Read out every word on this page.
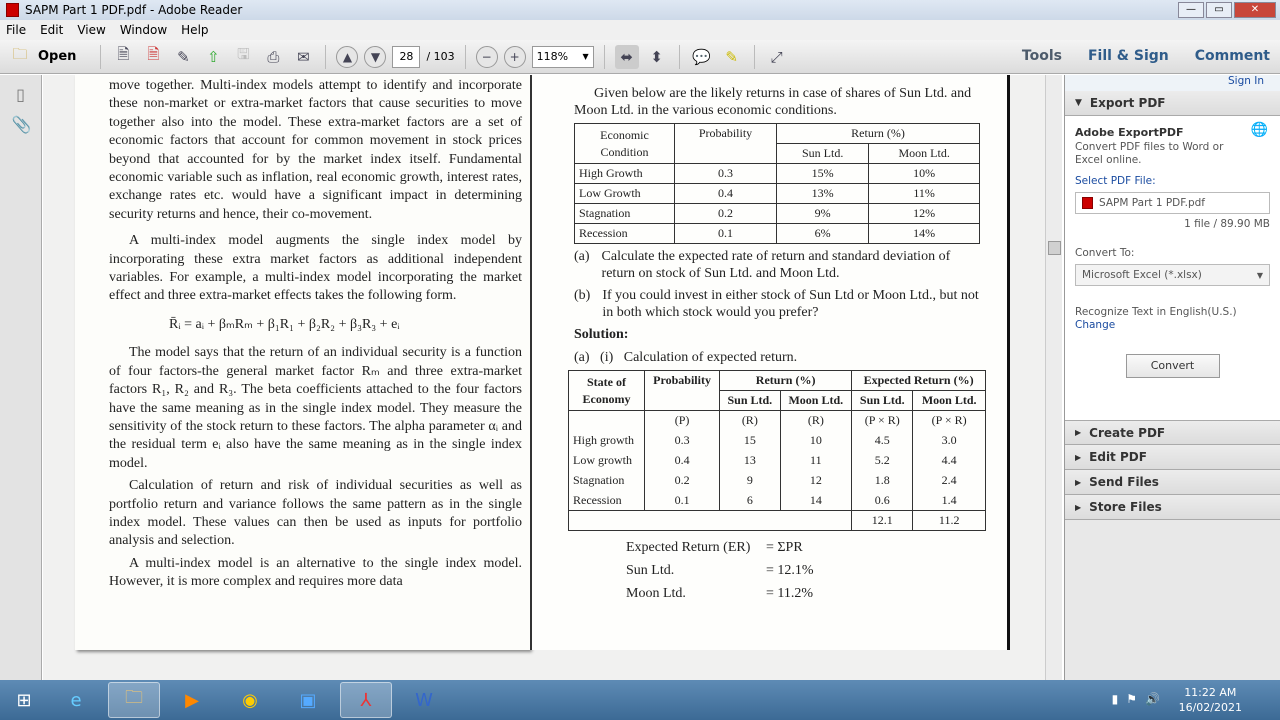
SAPM Part 1 PDF.pdf - Adobe Reader	—	▭	✕
File Edit View Window Help
🗀 Open	🗎	🗎	✎	⇧	🖫	⎙	✉	▲	▼	28	/ 103	−	+	118% ▼	⬌	⬍	💬 ✎	⤢	Tools Fill & Sign Comment
▯
📎

move together. Multi-index models attempt to identify and incorporate these non-market or extra-market factors that cause securities to move together also into the model. These extra-market factors are a set of economic factors that account for common movement in stock prices beyond that accounted for by the market index itself. Fundamental economic variable such as inflation, real economic growth, interest rates, exchange rates etc. would have a significant impact in determining security returns and hence, their co-movement.

A multi-index model augments the single index model by incorporating these extra market factors as additional independent variables. For example, a multi-index model incorporating the market effect and three extra-market effects takes the following form.

R̄ᵢ = aᵢ + βₘRₘ + β₁R₁ + β₂R₂ + β₃R₃ + eᵢ

The model says that the return of an individual security is a function of four factors-the general market factor Rₘ and three extra-market factors R₁, R₂ and R₃. The beta coefficients attached to the four factors have the same meaning as in the single index model. They measure the sensitivity of the stock return to these factors. The alpha parameter αᵢ and the residual term eᵢ also have the same meaning as in the single index model.

Calculation of return and risk of individual securities as well as portfolio return and variance follows the same pattern as in the single index model. These values can then be used as inputs for portfolio analysis and selection.

A multi-index model is an alternative to the single index model. However, it is more complex and requires more data

Given below are the likely returns in case of shares of Sun Ltd. and Moon Ltd. in the various economic conditions.

Economic Condition	Probability	Return (%)	
		Sun Ltd.	Moon Ltd.
High Growth	0.3	15%	10%
Low Growth	0.4	13%	11%
Stagnation	0.2	9%	12%
Recession	0.1	6%	14%
(a) Calculate the expected rate of return and standard deviation of return on stock of Sun Ltd. and Moon Ltd.
(b) If you could invest in either stock of Sun Ltd or Moon Ltd., but not in both which stock would you prefer?
Solution:
(a)   (i)   Calculation of expected return.
State of Economy	Probability	Return (%)		Expected Return (%)	
		Sun Ltd.	Moon Ltd.	Sun Ltd.	Moon Ltd.
	(P)	(R)	(R)	(P × R)	(P × R)
High growth	0.3	15	10	4.5	3.0
Low growth	0.4	13	11	5.2	4.4
Stagnation	0.2	9	12	1.8	2.4
Recession	0.1	6	14	0.6	1.4
				12.1	11.2
Expected Return (ER)	= ΣPR
Sun Ltd.	= 12.1%
Moon Ltd.	= 11.2%
Sign In
▼ Export PDF
Adobe ExportPDF	🌐
Convert PDF files to Word or Excel online.
Select PDF File:
SAPM Part 1 PDF.pdf
1 file / 89.90 MB
Convert To:
Microsoft Excel (*.xlsx)	▼
Recognize Text in English(U.S.)
Change
Convert
▶ Create PDF
▶ Edit PDF
▶ Send Files
▶ Store Files
⊞	e	🗀	▶	◉	▣	⅄	W	▮ ⚑ 🔊	11:22 AM
16/02/2021
